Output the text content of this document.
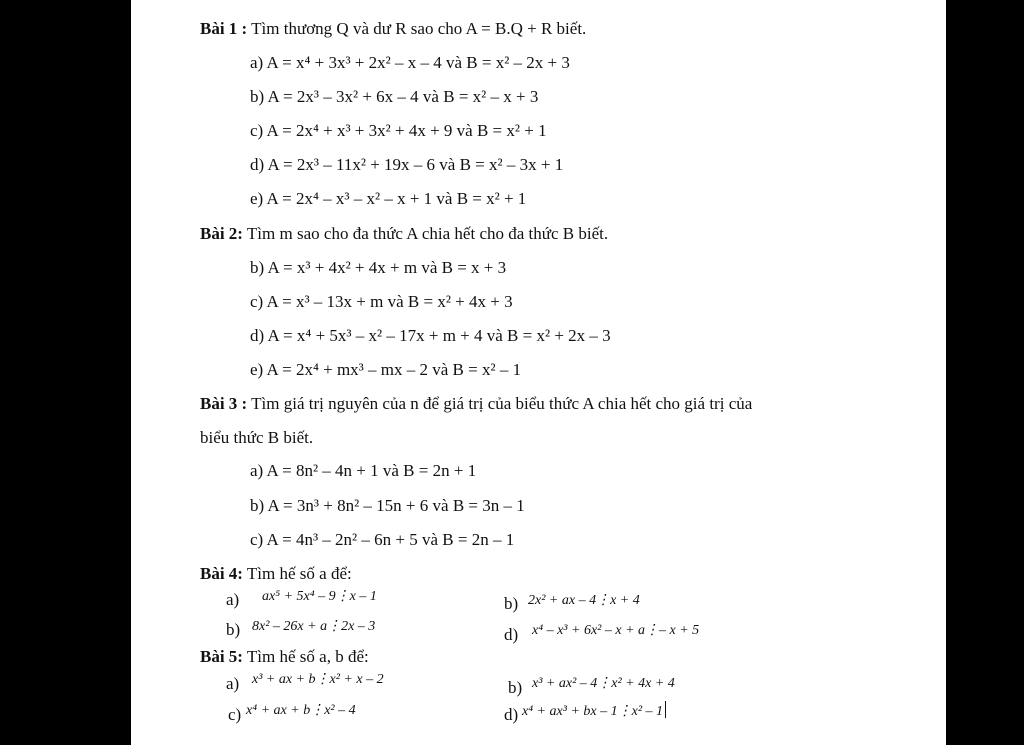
Bài 1 : Tìm thương Q và dư R sao cho A = B.Q + R biết.
a) A = x⁴ + 3x³ + 2x² – x – 4 và B = x² – 2x + 3
b) A = 2x³ – 3x² + 6x – 4 và B = x² – x + 3
c) A = 2x⁴ + x³ + 3x² + 4x + 9 và B = x² + 1
d) A = 2x³ – 11x² + 19x – 6 và B = x² – 3x + 1
e) A = 2x⁴ – x³ – x² – x + 1 và B = x² + 1
Bài 2: Tìm m sao cho đa thức A chia hết cho đa thức B biết.
b) A = x³ + 4x² + 4x + m và B = x + 3
c) A = x³ – 13x + m và B = x² + 4x + 3
d) A = x⁴ + 5x³ – x² – 17x + m + 4 và B = x² + 2x – 3
e) A = 2x⁴ + mx³ – mx – 2 và B = x² – 1
Bài 3 : Tìm giá trị nguyên của n để giá trị của biểu thức A chia hết cho giá trị của
biểu thức B biết.
a) A = 8n² – 4n + 1 và B = 2n + 1
b) A = 3n³ + 8n² – 15n + 6 và B = 3n – 1
c) A = 4n³ – 2n² – 6n + 5 và B = 2n – 1
Bài 4: Tìm hế số a để:
a) ax⁵ + 5x⁴ – 9⋮x – 1	b) 2x² + ax – 4⋮x + 4
b) 8x² – 26x + a⋮2x – 3	d) x⁴ – x³ + 6x² – x + a⋮– x + 5
Bài 5: Tìm hế số a, b để:
a) x³ + ax + b⋮x² + x – 2	b) x³ + ax² – 4⋮x² + 4x + 4
c) x⁴ + ax + b⋮x² – 4	d) x⁴ + ax³ + bx – 1⋮x² – 1
